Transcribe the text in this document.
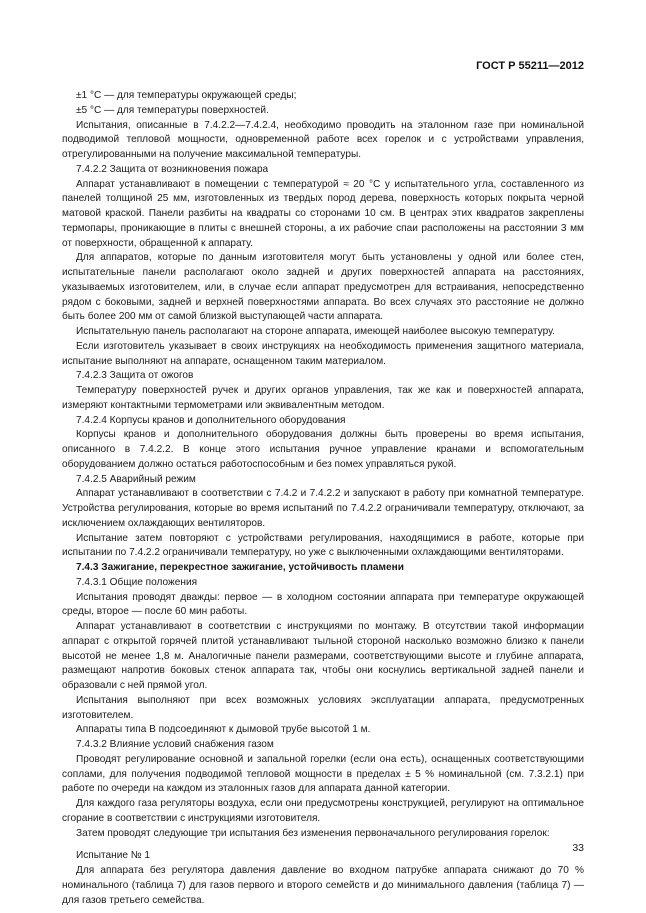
ГОСТ Р 55211—2012

±1 °С — для температуры окружающей среды;

±5 °С — для температуры поверхностей.

Испытания, описанные в 7.4.2.2—7.4.2.4, необходимо проводить на эталонном газе при номинальной подводимой тепловой мощности, одновременной работе всех горелок и с устройствами управления, отрегулированными на получение максимальной температуры.

7.4.2.2 Защита от возникновения пожара

Аппарат устанавливают в помещении с температурой ≈ 20 °С у испытательного угла, составленного из панелей толщиной 25 мм, изготовленных из твердых пород дерева, поверхность которых покрыта черной матовой краской. Панели разбиты на квадраты со сторонами 10 см. В центрах этих квадратов закреплены термопары, проникающие в плиты с внешней стороны, а их рабочие спаи расположены на расстоянии 3 мм от поверхности, обращенной к аппарату.

Для аппаратов, которые по данным изготовителя могут быть установлены у одной или более стен, испытательные панели располагают около задней и других поверхностей аппарата на расстояниях, указываемых изготовителем, или, в случае если аппарат предусмотрен для встраивания, непосредственно рядом с боковыми, задней и верхней поверхностями аппарата. Во всех случаях это расстояние не должно быть более 200 мм от самой близкой выступающей части аппарата.

Испытательную панель располагают на стороне аппарата, имеющей наиболее высокую температуру.

Если изготовитель указывает в своих инструкциях на необходимость применения защитного материала, испытание выполняют на аппарате, оснащенном таким материалом.

7.4.2.3 Защита от ожогов

Температуру поверхностей ручек и других органов управления, так же как и поверхностей аппарата, измеряют контактными термометрами или эквивалентным методом.

7.4.2.4 Корпусы кранов и дополнительного оборудования

Корпусы кранов и дополнительного оборудования должны быть проверены во время испытания, описанного в 7.4.2.2. В конце этого испытания ручное управление кранами и вспомогательным оборудованием должно остаться работоспособным и без помех управляться рукой.

7.4.2.5 Аварийный режим

Аппарат устанавливают в соответствии с 7.4.2 и 7.4.2.2 и запускают в работу при комнатной температуре. Устройства регулирования, которые во время испытаний по 7.4.2.2 ограничивали температуру, отключают, за исключением охлаждающих вентиляторов.

Испытание затем повторяют с устройствами регулирования, находящимися в работе, которые при испытании по 7.4.2.2 ограничивали температуру, но уже с выключенными охлаждающими вентиляторами.

7.4.3 Зажигание, перекрестное зажигание, устойчивость пламени

7.4.3.1 Общие положения

Испытания проводят дважды: первое — в холодном состоянии аппарата при температуре окружающей среды, второе — после 60 мин работы.

Аппарат устанавливают в соответствии с инструкциями по монтажу. В отсутствии такой информации аппарат с открытой горячей плитой устанавливают тыльной стороной насколько возможно близко к панели высотой не менее 1,8 м. Аналогичные панели размерами, соответствующими высоте и глубине аппарата, размещают напротив боковых стенок аппарата так, чтобы они коснулись вертикальной задней панели и образовали с ней прямой угол.

Испытания выполняют при всех возможных условиях эксплуатации аппарата, предусмотренных изготовителем.

Аппараты типа В подсоединяют к дымовой трубе высотой 1 м.

7.4.3.2 Влияние условий снабжения газом

Проводят регулирование основной и запальной горелки (если она есть), оснащенных соответствующими соплами, для получения подводимой тепловой мощности в пределах ± 5 % номинальной (см. 7.3.2.1) при работе по очереди на каждом из эталонных газов для аппарата данной категории.

Для каждого газа регуляторы воздуха, если они предусмотрены конструкцией, регулируют на оптимальное сгорание в соответствии с инструкциями изготовителя.

Затем проводят следующие три испытания без изменения первоначального регулирования горелок:

Испытание № 1

Для аппарата без регулятора давления давление во входном патрубке аппарата снижают до 70 % номинального (таблица 7) для газов первого и второго семейств и до минимального давления (таблица 7) — для газов третьего семейства.

33
